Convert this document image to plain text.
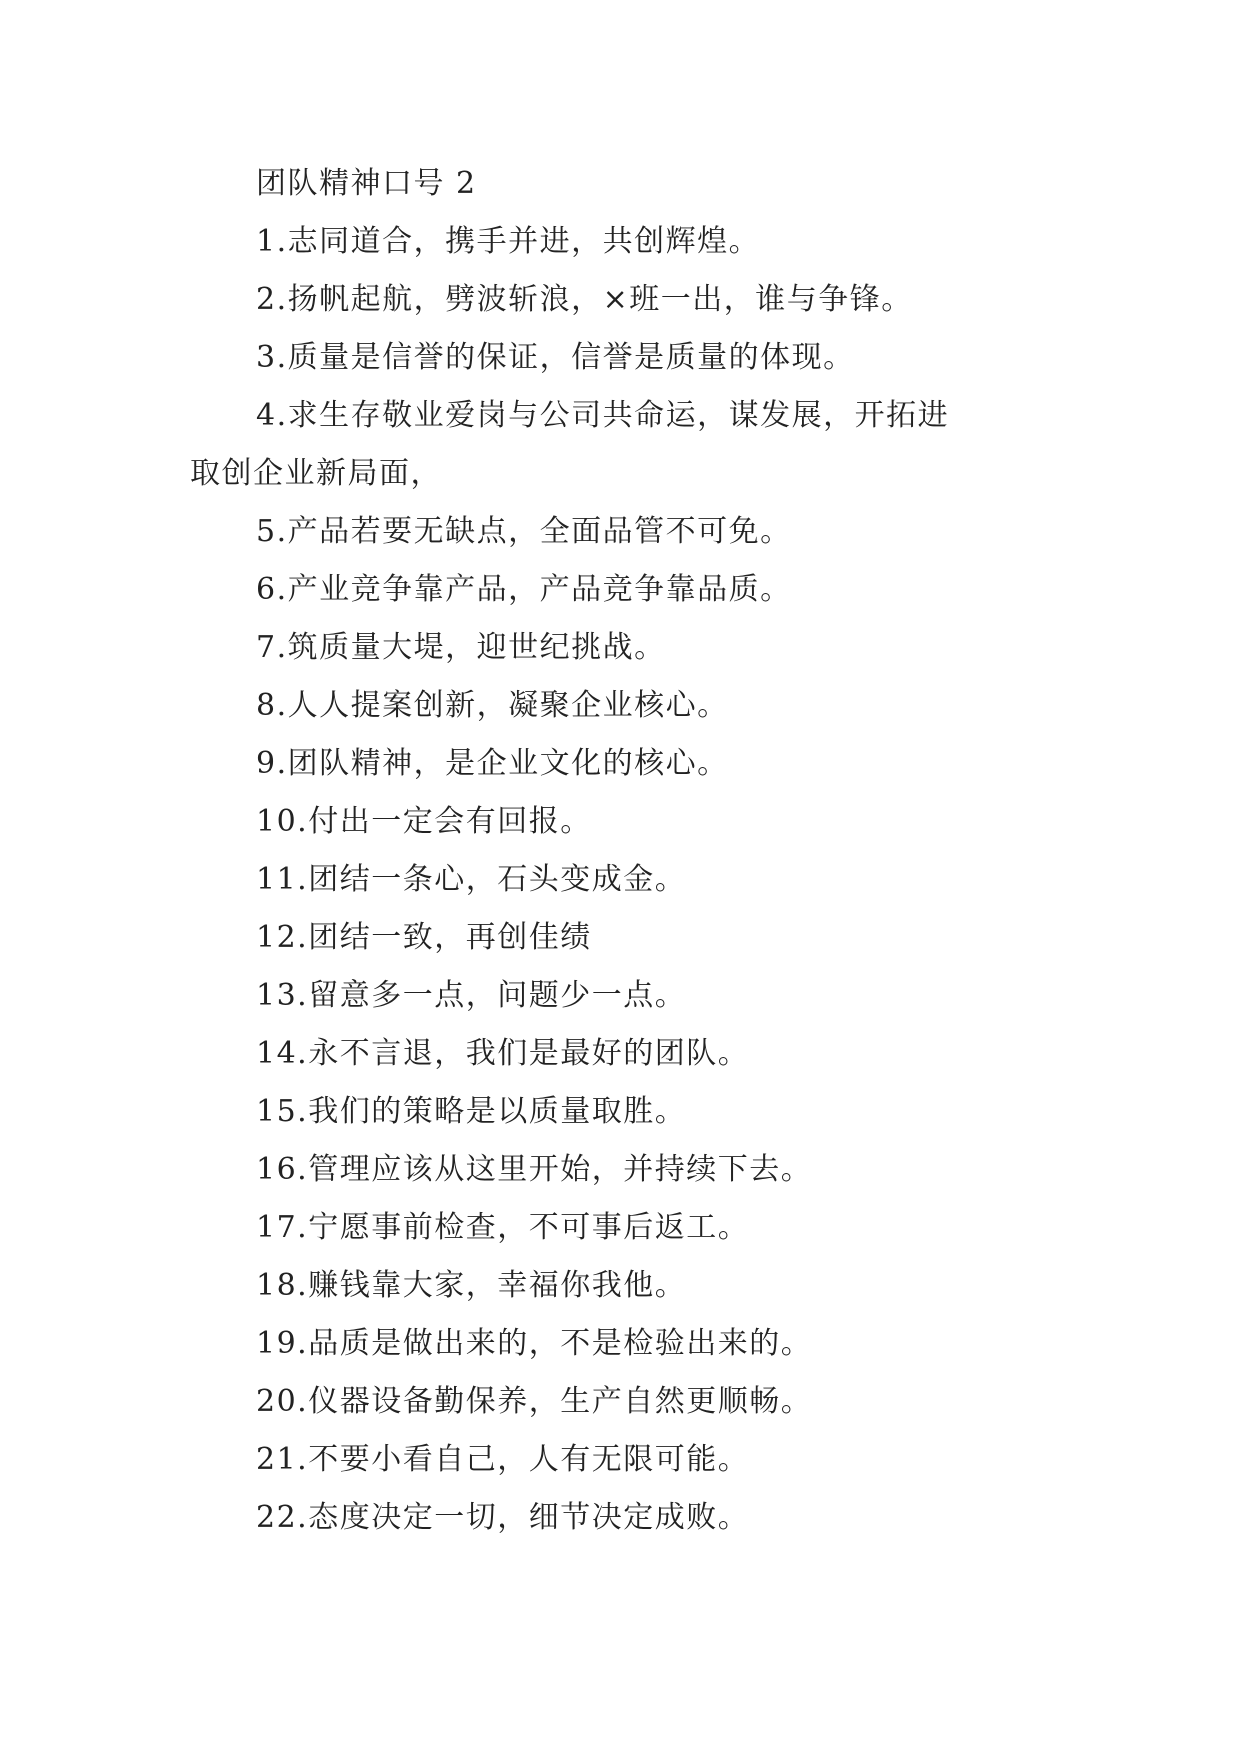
团队精神口号 2
1.志同道合，携手并进，共创辉煌。
2.扬帆起航，劈波斩浪，×班一出，谁与争锋。
3.质量是信誉的保证，信誉是质量的体现。
4.求生存敬业爱岗与公司共命运，谋发展，开拓进取创企业新局面，
5.产品若要无缺点，全面品管不可免。
6.产业竞争靠产品，产品竞争靠品质。
7.筑质量大堤，迎世纪挑战。
8.人人提案创新，凝聚企业核心。
9.团队精神，是企业文化的核心。
10.付出一定会有回报。
11.团结一条心，石头变成金。
12.团结一致，再创佳绩
13.留意多一点，问题少一点。
14.永不言退，我们是最好的团队。
15.我们的策略是以质量取胜。
16.管理应该从这里开始，并持续下去。
17.宁愿事前检查，不可事后返工。
18.赚钱靠大家，幸福你我他。
19.品质是做出来的，不是检验出来的。
20.仪器设备勤保养，生产自然更顺畅。
21.不要小看自己，人有无限可能。
22.态度决定一切，细节决定成败。
